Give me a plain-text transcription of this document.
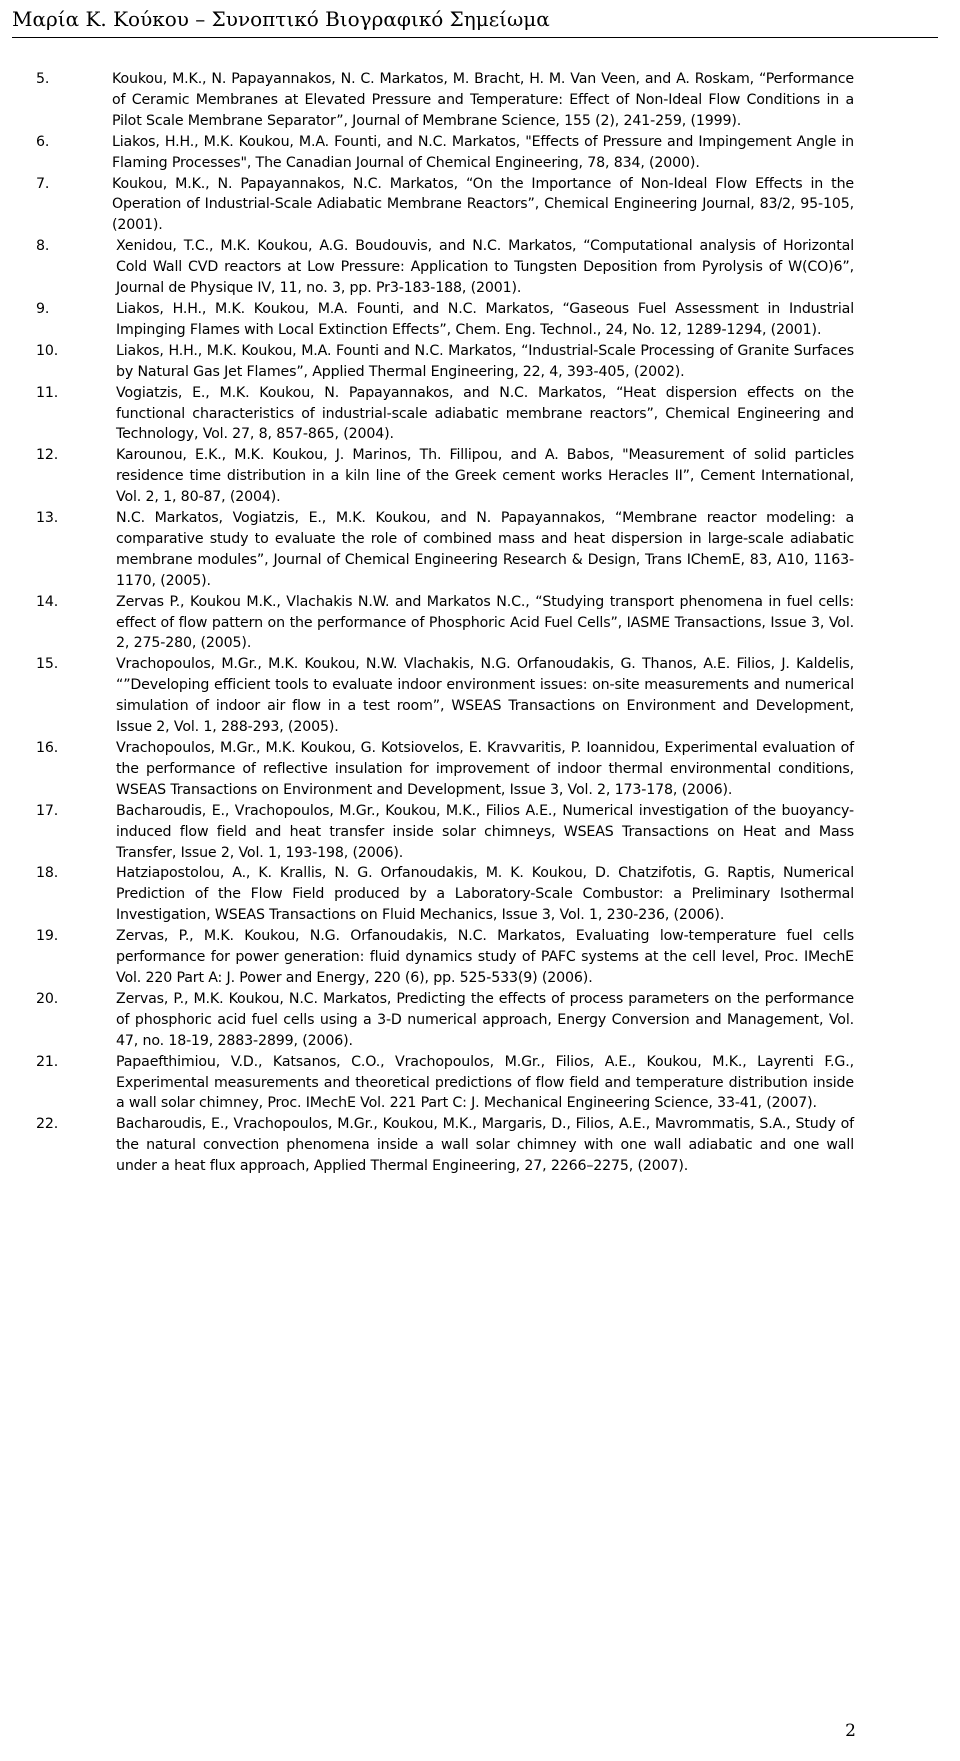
Μαρία Κ. Κούκου – Συνοπτικό Βιογραφικό Σημείωμα
5.	Koukou, M.K., N. Papayannakos, N. C. Markatos, M. Bracht, H. M. Van Veen, and A. Roskam, “Performance of Ceramic Membranes at Elevated Pressure and Temperature: Effect of Non-Ideal Flow Conditions in a Pilot Scale Membrane Separator”, Journal of Membrane Science, 155 (2), 241-259, (1999).
6.	Liakos, H.H., M.K. Koukou, M.A. Founti, and N.C. Markatos, "Effects of Pressure and Impingement Angle in Flaming Processes", The Canadian Journal of Chemical Engineering, 78, 834, (2000).
7.	Koukou, M.K., N. Papayannakos, N.C. Markatos, “On the Importance of Non-Ideal Flow Effects in the Operation of Industrial-Scale Adiabatic Membrane Reactors”, Chemical Engineering Journal, 83/2, 95-105, (2001).
8.	Xenidou, T.C., M.K. Koukou, A.G. Boudouvis, and N.C. Markatos, “Computational analysis of Horizontal Cold Wall CVD reactors at Low Pressure: Application to Tungsten Deposition from Pyrolysis of W(CO)6”, Journal de Physique IV, 11, no. 3, pp. Pr3-183-188, (2001).
9.	Liakos, H.H., M.K. Koukou, M.A. Founti, and N.C. Markatos, “Gaseous Fuel Assessment in Industrial Impinging Flames with Local Extinction Effects”, Chem. Eng. Technol., 24, No. 12, 1289-1294, (2001).
10.	Liakos, H.H., M.K. Koukou, M.A. Founti and N.C. Markatos, “Industrial-Scale Processing of Granite Surfaces by Natural Gas Jet Flames”, Applied Thermal Engineering, 22, 4, 393-405, (2002).
11.	Vogiatzis, E., M.K. Koukou, N. Papayannakos, and N.C. Markatos, “Heat dispersion effects on the functional characteristics of industrial-scale adiabatic membrane reactors”, Chemical Engineering and Technology, Vol. 27, 8, 857-865, (2004).
12.	Karounou, E.K., M.K. Koukou, J. Marinos, Th. Fillipou, and A. Babos, "Measurement of solid particles residence time distribution in a kiln line of the Greek cement works Heracles II”, Cement International, Vol. 2, 1, 80-87, (2004).
13.	N.C. Markatos, Vogiatzis, E., M.K. Koukou, and N. Papayannakos, “Membrane reactor modeling: a comparative study to evaluate the role of combined mass and heat dispersion in large-scale adiabatic membrane modules”, Journal of Chemical Engineering Research & Design, Trans IChemE, 83, A10, 1163-1170, (2005).
14.	Zervas P., Koukou M.K., Vlachakis N.W. and Markatos N.C., “Studying transport phenomena in fuel cells: effect of flow pattern on the performance of Phosphoric Acid Fuel Cells”, IASME Transactions, Issue 3, Vol. 2, 275-280, (2005).
15.	Vrachopoulos, M.Gr., M.K. Koukou, N.W. Vlachakis, N.G. Orfanoudakis, G. Thanos, A.E. Filios, J. Kaldelis, “”Developing efficient tools to evaluate indoor environment issues: on-site measurements and numerical simulation of indoor air flow in a test room”, WSEAS Transactions on Environment and Development, Issue 2, Vol. 1, 288-293, (2005).
16.	Vrachopoulos, M.Gr., M.K. Koukou, G. Kotsiovelos, E. Kravvaritis, P. Ioannidou, Experimental evaluation of the performance of reflective insulation for improvement of indoor thermal environmental conditions, WSEAS Transactions on Environment and Development, Issue 3, Vol. 2, 173-178, (2006).
17.	Bacharoudis, E., Vrachopoulos, M.Gr., Koukou, M.K., Filios A.E., Numerical investigation of the buoyancy-induced flow field and heat transfer inside solar chimneys, WSEAS Transactions on Heat and Mass Transfer, Issue 2, Vol. 1, 193-198, (2006).
18.	Hatziapostolou, A., K. Krallis, N. G. Orfanoudakis, M. K. Koukou, D. Chatzifotis, G. Raptis, Numerical Prediction of the Flow Field produced by a Laboratory-Scale Combustor: a Preliminary Isothermal Investigation, WSEAS Transactions on Fluid Mechanics, Issue 3, Vol. 1, 230-236, (2006).
19.	Zervas, P., M.K. Koukou, N.G. Orfanoudakis, N.C. Markatos, Evaluating low-temperature fuel cells performance for power generation: fluid dynamics study of PAFC systems at the cell level, Proc. IMechE Vol. 220 Part A: J. Power and Energy, 220 (6), pp. 525-533(9) (2006).
20.	Zervas, P., M.K. Koukou, N.C. Markatos, Predicting the effects of process parameters on the performance of phosphoric acid fuel cells using a 3-D numerical approach, Energy Conversion and Management, Vol. 47, no. 18-19, 2883-2899, (2006).
21.	Papaefthimiou, V.D., Katsanos, C.O., Vrachopoulos, M.Gr., Filios, A.E., Koukou, M.K., Layrenti F.G., Experimental measurements and theoretical predictions of flow field and temperature distribution inside a wall solar chimney, Proc. IMechE Vol. 221 Part C: J. Mechanical Engineering Science, 33-41, (2007).
22.	Bacharoudis, E., Vrachopoulos, M.Gr., Koukou, M.K., Margaris, D., Filios, A.E., Mavrommatis, S.A., Study of the natural convection phenomena inside a wall solar chimney with one wall adiabatic and one wall under a heat flux approach, Applied Thermal Engineering, 27, 2266–2275, (2007).
2
